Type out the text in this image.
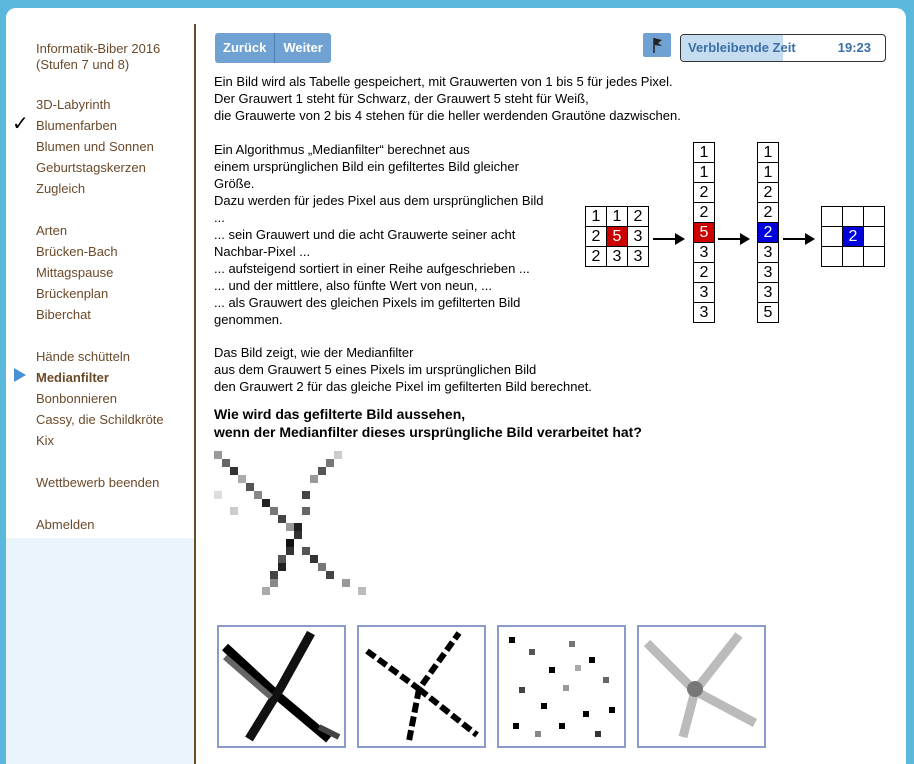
Informatik-Biber 2016
(Stufen 7 und 8)
3D-Labyrinth
✓ Blumenfarben
Blumen und Sonnen
Geburtstagskerzen
Zugleich
Arten
Brücken-Bach
Mittagspause
Brückenplan
Biberchat
Hände schütteln
Medianfilter
Bonbonnieren
Cassy, die Schildkröte
Kix
Wettbewerb beenden
Abmelden
Zurück	Weiter	Verbleibende Zeit	19:23
Ein Bild wird als Tabelle gespeichert, mit Grauwerten von 1 bis 5 für jedes Pixel.
Der Grauwert 1 steht für Schwarz, der Grauwert 5 steht für Weiß,
die Grauwerte von 2 bis 4 stehen für die heller werdenden Grautöne dazwischen.
Ein Algorithmus „Medianfilter“ berechnet aus
einem ursprünglichen Bild ein gefiltertes Bild gleicher
Größe.
Dazu werden für jedes Pixel aus dem ursprünglichen Bild
...
... sein Grauwert und die acht Grauwerte seiner acht
Nachbar-Pixel ...
... aufsteigend sortiert in einer Reihe aufgeschrieben ...
... und der mittlere, also fünfte Wert von neun, ...
... als Grauwert des gleichen Pixels im gefilterten Bild
genommen.
Das Bild zeigt, wie der Medianfilter
aus dem Grauwert 5 eines Pixels im ursprünglichen Bild
den Grauwert 2 für das gleiche Pixel im gefilterten Bild berechnet.
Wie wird das gefilterte Bild aussehen,
wenn der Medianfilter dieses ursprüngliche Bild verarbeitet hat?
1	1	2
2	5	3
2	3	3
1
1
2
2
5
3
2
3
3
1
1
2
2
2
3
3
3
5

	2	
